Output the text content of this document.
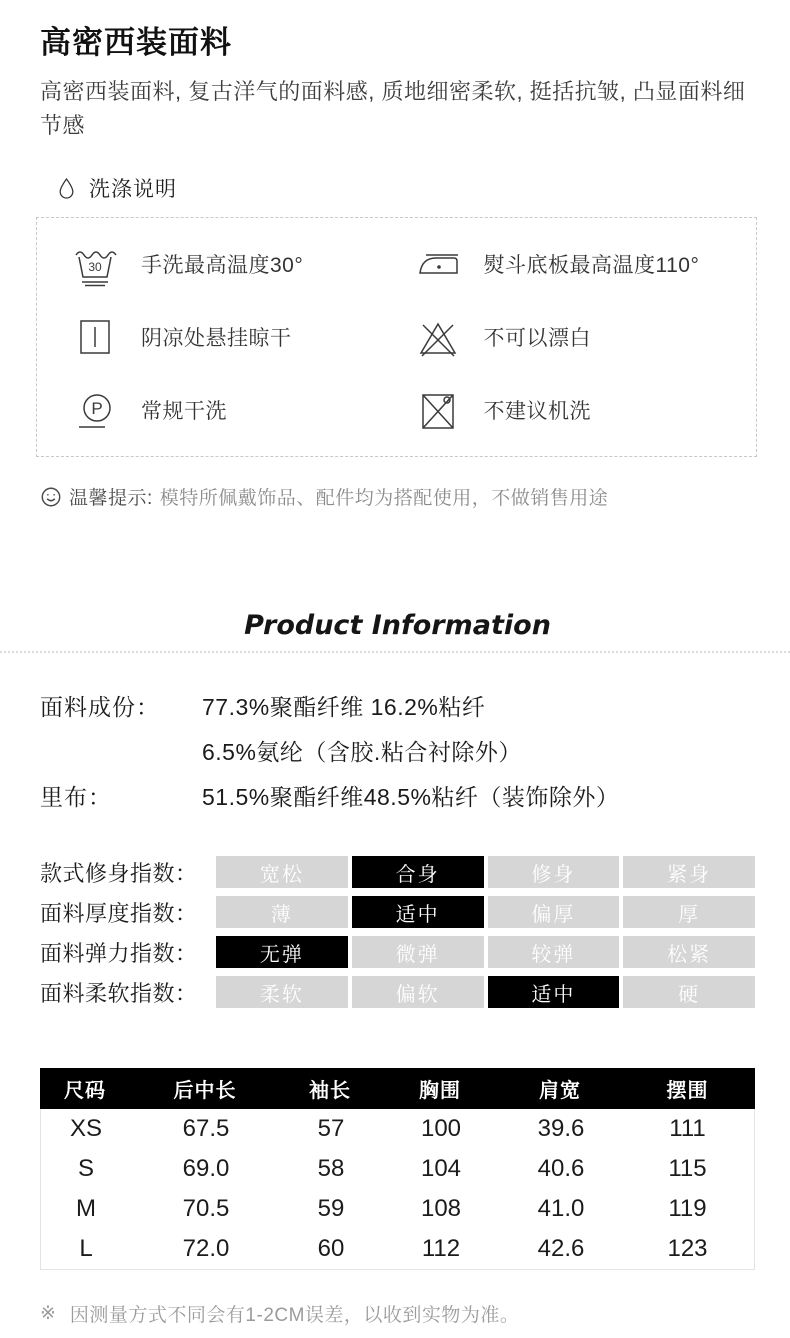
高密西装面料
高密西装面料, 复古洋气的面料感, 质地细密柔软, 挺括抗皱, 凸显面料细节感
洗涤说明
30 手洗最高温度30°	熨斗底板最高温度110°
阴凉处悬挂晾干	不可以漂白
P 常规干洗	不建议机洗
温馨提示: 模特所佩戴饰品、配件均为搭配使用，不做销售用途
Product Information
面料成份：	77.3%聚酯纤维 16.2%粘纤
6.5%氨纶（含胶.粘合衬除外）
里布：	51.5%聚酯纤维48.5%粘纤（装饰除外）
款式修身指数：	宽松	合身	修身	紧身
面料厚度指数：	薄	适中	偏厚	厚
面料弹力指数：	无弹	微弹	较弹	松紧
面料柔软指数：	柔软	偏软	适中	硬
尺码	后中长	袖长	胸围	肩宽	摆围
XS	67.5	57	100	39.6	111
S	69.0	58	104	40.6	115
M	70.5	59	108	41.0	119
L	72.0	60	112	42.6	123
※ 因测量方式不同会有1-2CM误差，以收到实物为准。
